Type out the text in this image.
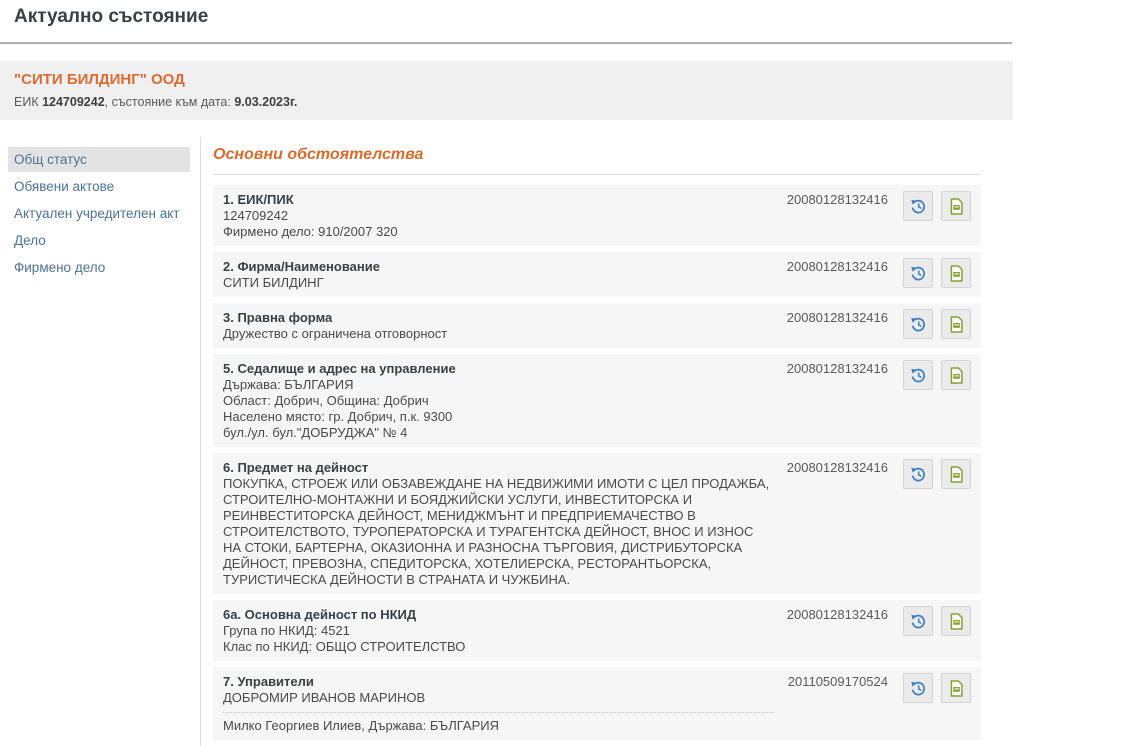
Актуално състояние
"СИТИ БИЛДИНГ" ООД
ЕИК 124709242, състояние към дата: 9.03.2023г.
Общ статус
Обявени актове
Актуален учредителен акт
Дело
Фирмено дело
Основни обстоятелства
1. ЕИК/ПИК
124709242
Фирмено дело: 910/2007 320
20080128132416
2. Фирма/Наименование
СИТИ БИЛДИНГ
20080128132416
3. Правна форма
Дружество с ограничена отговорност
20080128132416
5. Седалище и адрес на управление
Държава: БЪЛГАРИЯ
Област: Добрич, Община: Добрич
Населено място: гр. Добрич, п.к. 9300
бул./ул. бул."ДОБРУДЖА" № 4
20080128132416
6. Предмет на дейност
ПОКУПКА, СТРОЕЖ ИЛИ ОБЗАВЕЖДАНЕ НА НЕДВИЖИМИ ИМОТИ С ЦЕЛ ПРОДАЖБА, СТРОИТЕЛНО-МОНТАЖНИ И БОЯДЖИЙСКИ УСЛУГИ, ИНВЕСТИТОРСКА И РЕИНВЕСТИТОРСКА ДЕЙНОСТ, МЕНИДЖМЪНТ И ПРЕДПРИЕМАЧЕСТВО В СТРОИТЕЛСТВОТО, ТУРОПЕРАТОРСКА И ТУРАГЕНТСКА ДЕЙНОСТ, ВНОС И ИЗНОС НА СТОКИ, БАРТЕРНА, ОКАЗИОННА И РАЗНОСНА ТЪРГОВИЯ, ДИСТРИБУТОРСКА ДЕЙНОСТ, ПРЕВОЗНА, СПЕДИТОРСКА, ХОТЕЛИЕРСКА, РЕСТОРАНТЬОРСКА, ТУРИСТИЧЕСКА ДЕЙНОСТИ В СТРАНАТА И ЧУЖБИНА.
20080128132416
6а. Основна дейност по НКИД
Група по НКИД: 4521
Клас по НКИД: ОБЩО СТРОИТЕЛСТВО
20080128132416
7. Управители
ДОБРОМИР ИВАНОВ МАРИНОВ
Милко Георгиев Илиев, Държава: БЪЛГАРИЯ
20110509170524
